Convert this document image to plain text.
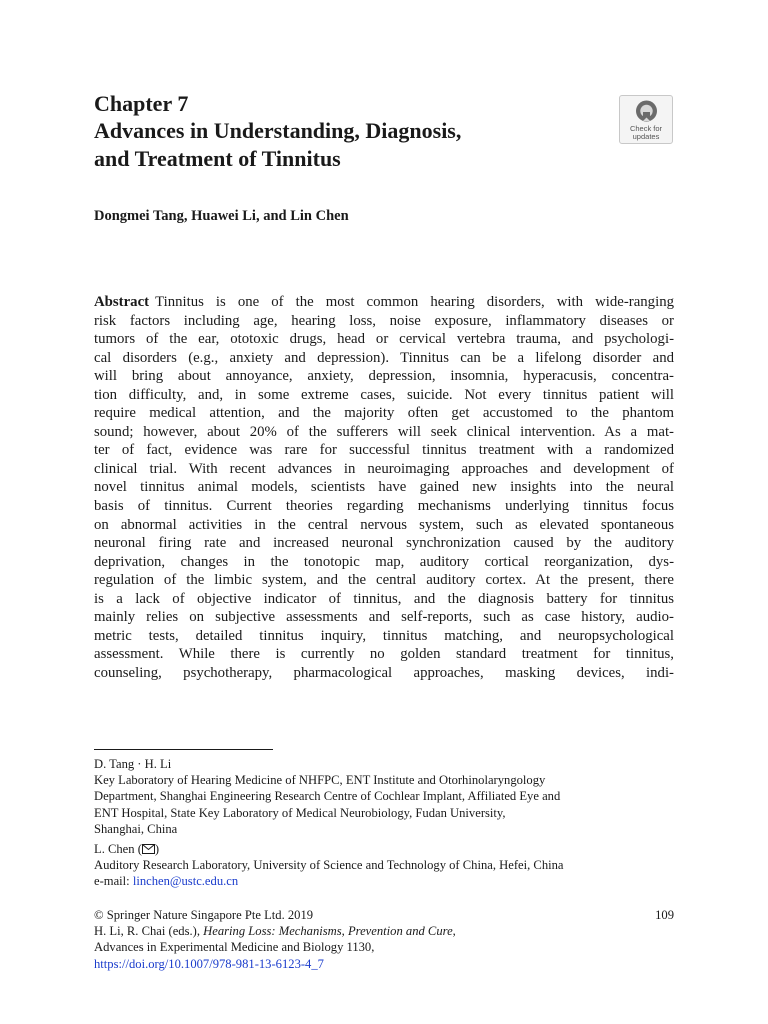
Chapter 7
Advances in Understanding, Diagnosis,
and Treatment of Tinnitus
Check for
updates
Dongmei Tang, Huawei Li, and Lin Chen
Abstract Tinnitus is one of the most common hearing disorders, with wide-ranging
risk factors including age, hearing loss, noise exposure, inflammatory diseases or
tumors of the ear, ototoxic drugs, head or cervical vertebra trauma, and psychologi-
cal disorders (e.g., anxiety and depression). Tinnitus can be a lifelong disorder and
will bring about annoyance, anxiety, depression, insomnia, hyperacusis, concentra-
tion difficulty, and, in some extreme cases, suicide. Not every tinnitus patient will
require medical attention, and the majority often get accustomed to the phantom
sound; however, about 20% of the sufferers will seek clinical intervention. As a mat-
ter of fact, evidence was rare for successful tinnitus treatment with a randomized
clinical trial. With recent advances in neuroimaging approaches and development of
novel tinnitus animal models, scientists have gained new insights into the neural
basis of tinnitus. Current theories regarding mechanisms underlying tinnitus focus
on abnormal activities in the central nervous system, such as elevated spontaneous
neuronal firing rate and increased neuronal synchronization caused by the auditory
deprivation, changes in the tonotopic map, auditory cortical reorganization, dys-
regulation of the limbic system, and the central auditory cortex. At the present, there
is a lack of objective indicator of tinnitus, and the diagnosis battery for tinnitus
mainly relies on subjective assessments and self-reports, such as case history, audio-
metric tests, detailed tinnitus inquiry, tinnitus matching, and neuropsychological
assessment. While there is currently no golden standard treatment for tinnitus,
counseling, psychotherapy, pharmacological approaches, masking devices, indi-
D. Tang · H. Li
Key Laboratory of Hearing Medicine of NHFPC, ENT Institute and Otorhinolaryngology
Department, Shanghai Engineering Research Centre of Cochlear Implant, Affiliated Eye and
ENT Hospital, State Key Laboratory of Medical Neurobiology, Fudan University,
Shanghai, China
L. Chen ( )
Auditory Research Laboratory, University of Science and Technology of China, Hefei, China
e-mail: linchen@ustc.edu.cn
© Springer Nature Singapore Pte Ltd. 2019
H. Li, R. Chai (eds.), Hearing Loss: Mechanisms, Prevention and Cure,
Advances in Experimental Medicine and Biology 1130,
https://doi.org/10.1007/978-981-13-6123-4_7
109
